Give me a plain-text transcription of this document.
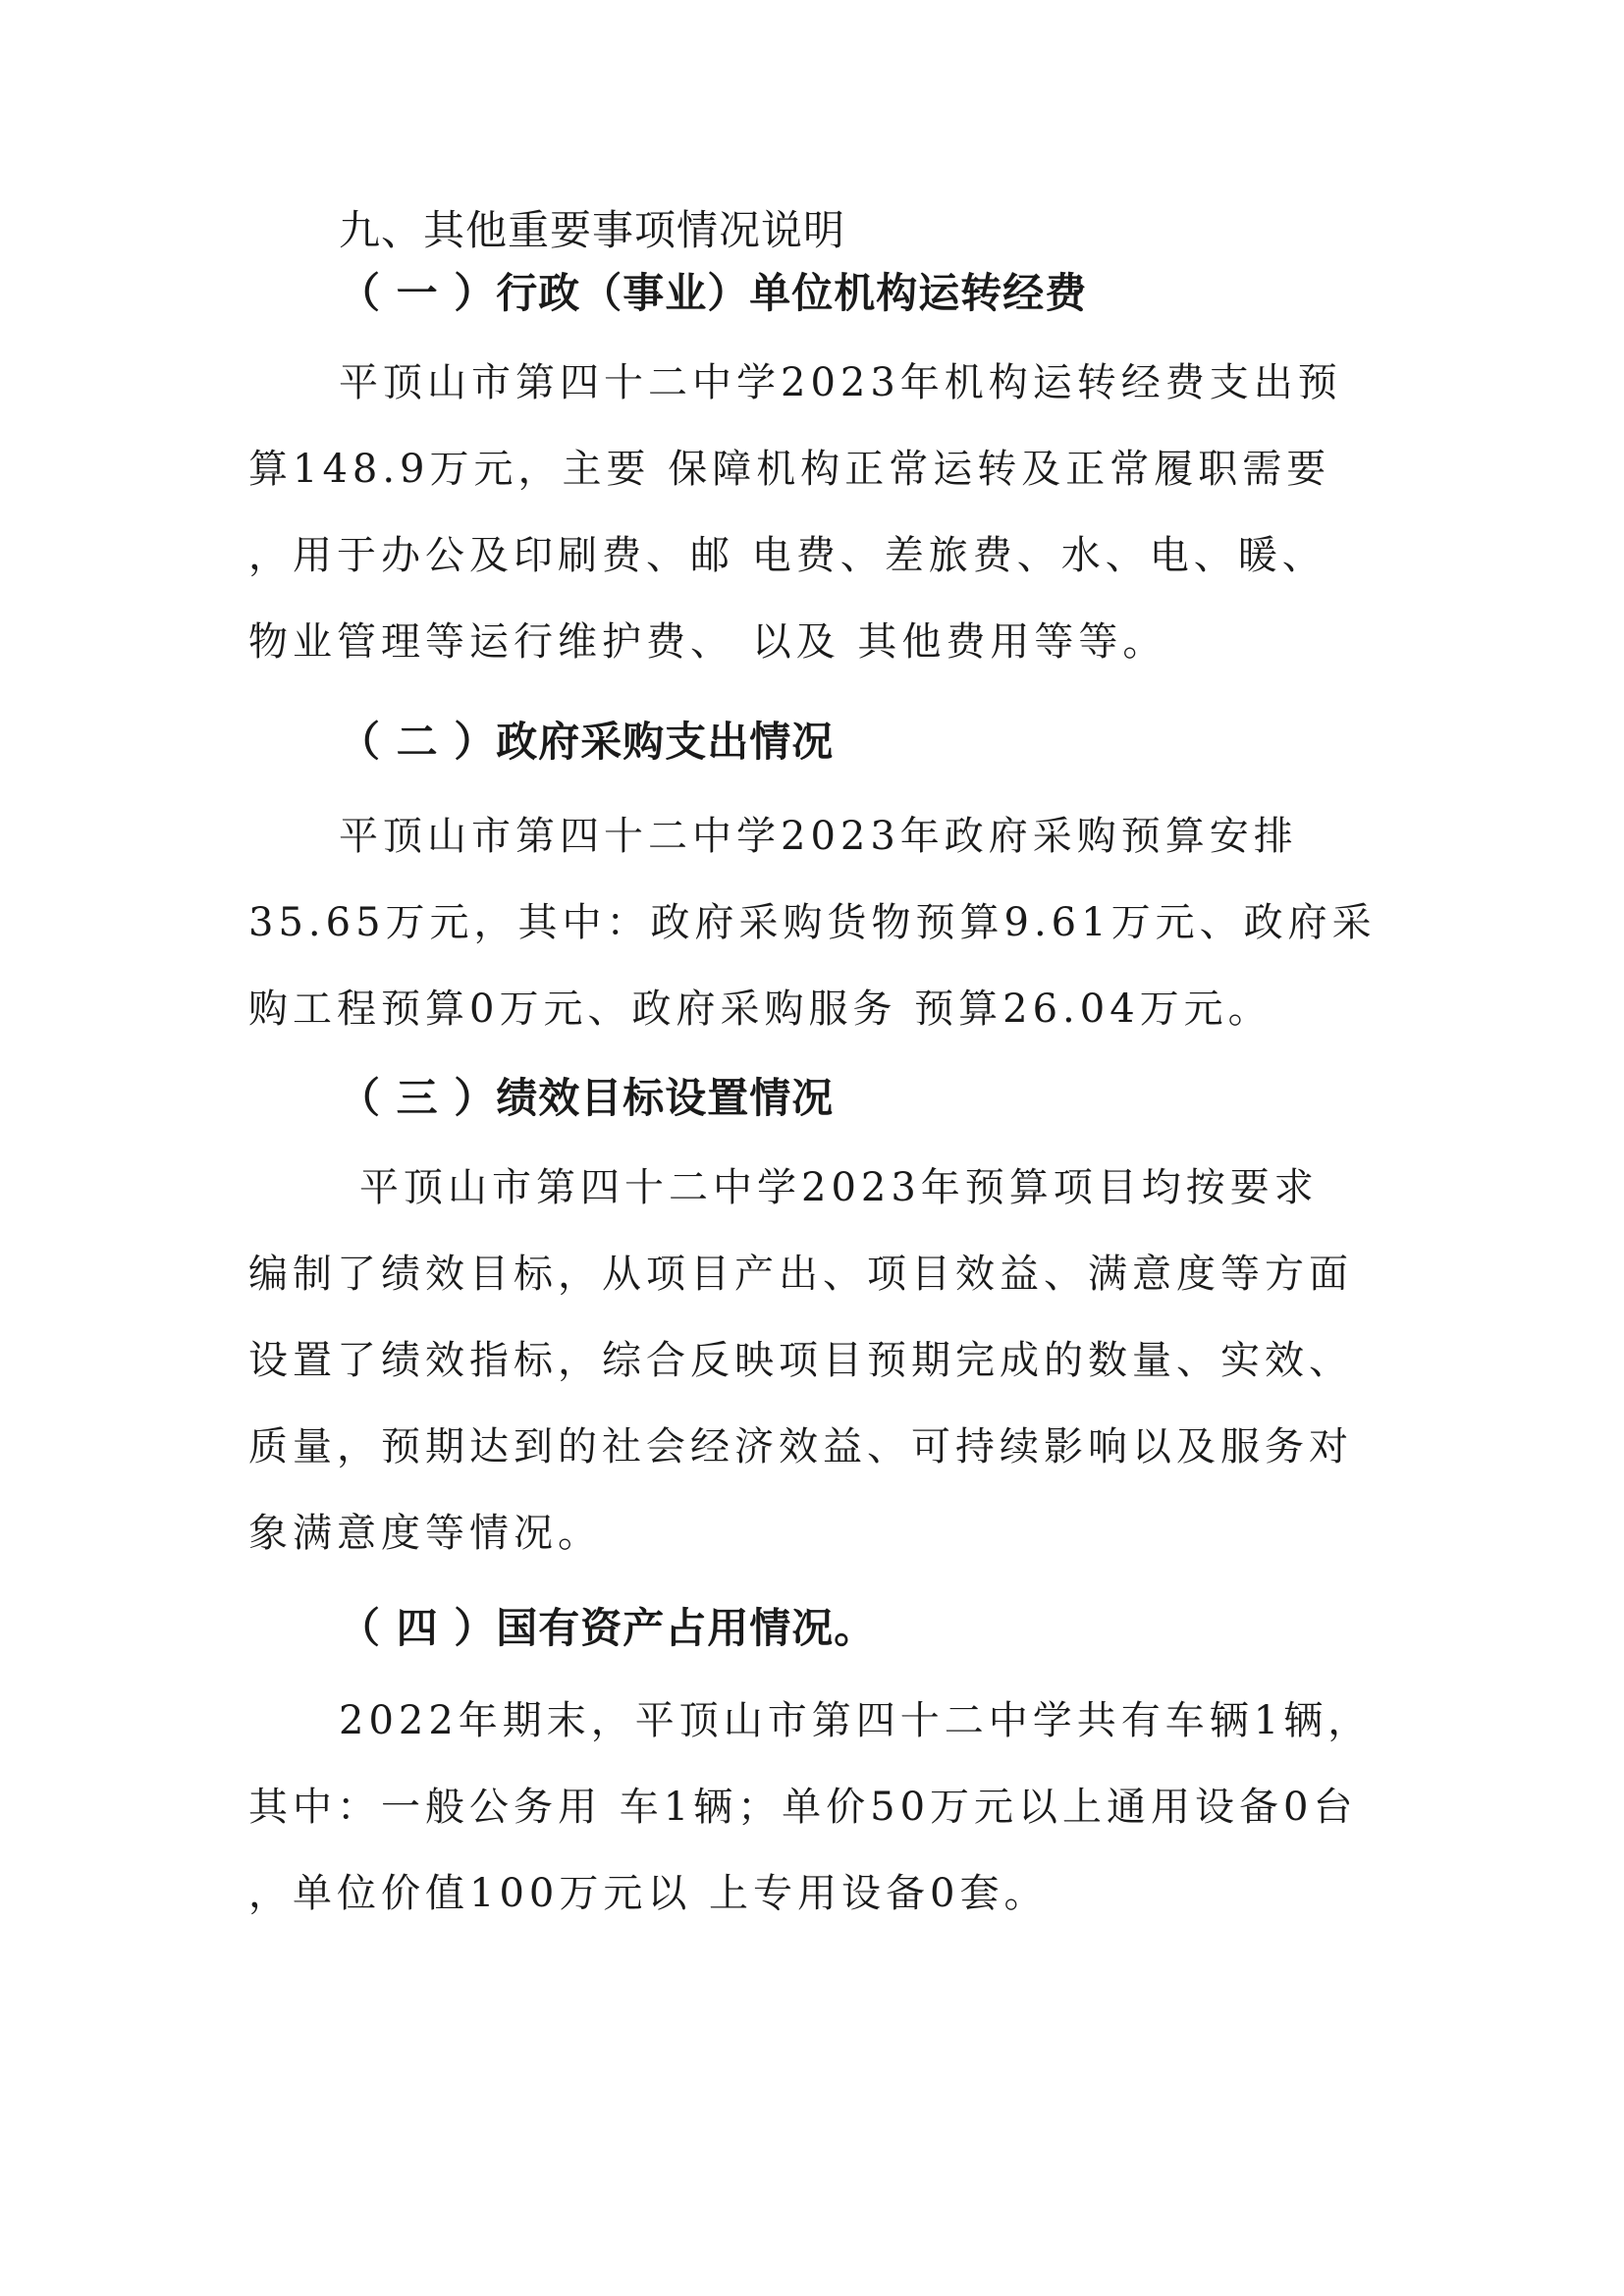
九、其他重要事项情况说明
（ 一 ）行政（事业）单位机构运转经费
平顶山市第四十二中学2023年机构运转经费支出预
算148.9万元，主要 保障机构正常运转及正常履职需要
，用于办公及印刷费、邮 电费、差旅费、水、电、暖、
物业管理等运行维护费、 以及 其他费用等等。
（ 二 ）政府采购支出情况
平顶山市第四十二中学2023年政府采购预算安排
35.65万元，其中：政府采购货物预算9.61万元、政府采
购工程预算0万元、政府采购服务 预算26.04万元。
（ 三 ）绩效目标设置情况
平顶山市第四十二中学2023年预算项目均按要求
编制了绩效目标，从项目产出、项目效益、满意度等方面
设置了绩效指标，综合反映项目预期完成的数量、实效、
质量，预期达到的社会经济效益、可持续影响以及服务对
象满意度等情况。
（ 四 ）国有资产占用情况。
2022年期末，平顶山市第四十二中学共有车辆1辆，
其中：一般公务用 车1辆；单价50万元以上通用设备0台
，单位价值100万元以 上专用设备0套。
